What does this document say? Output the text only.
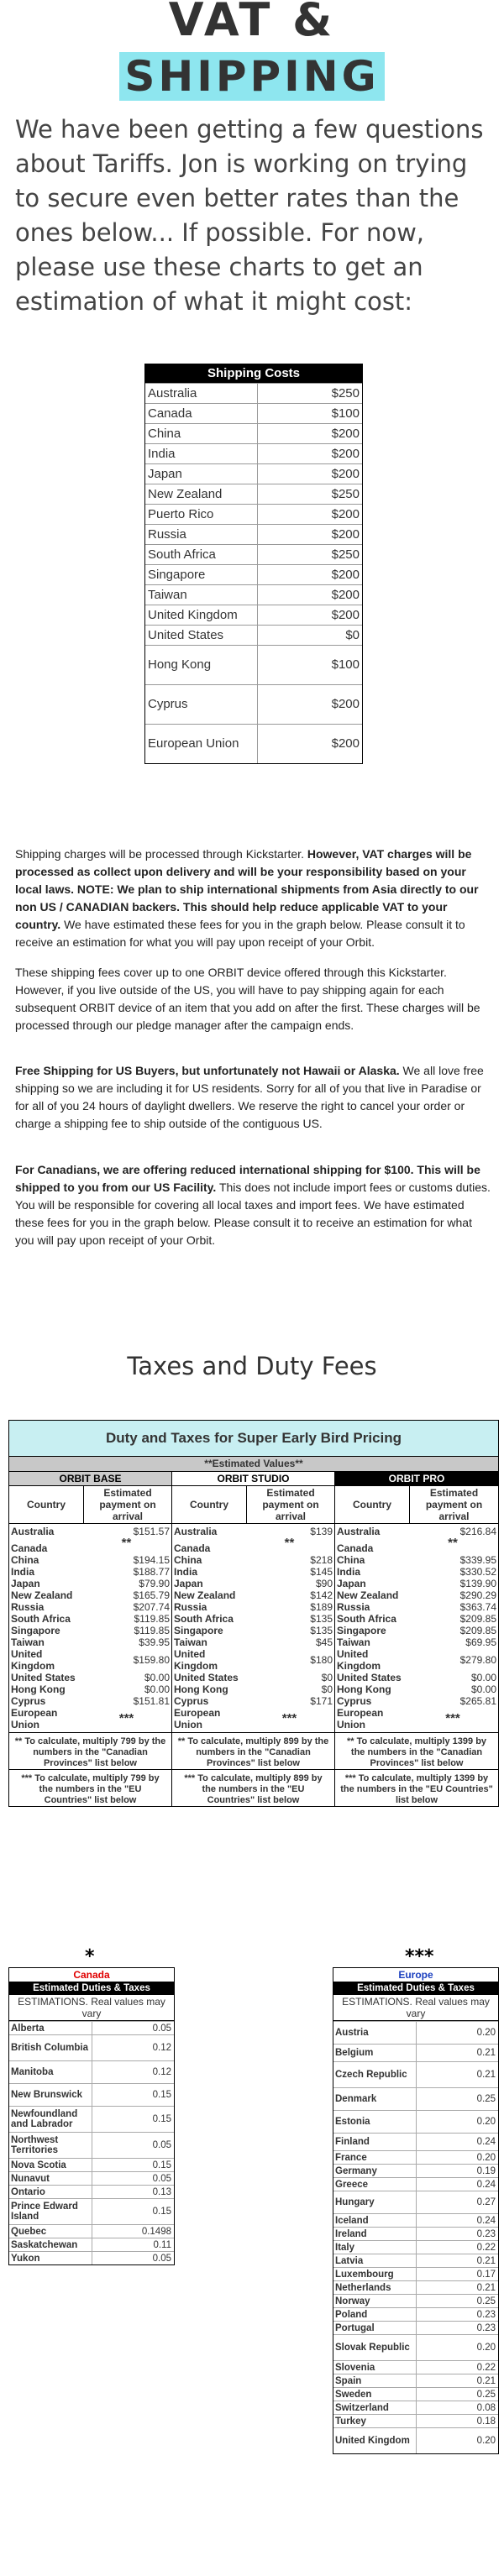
VAT &
SHIPPING

We have been getting a few questions about Tariffs. Jon is working on trying to secure even better rates than the ones below... If possible. For now, please use these charts to get an estimation of what it might cost:

Shipping Costs
Australia	$250
Canada	$100
China	$200
India	$200
Japan	$200
New Zealand	$250
Puerto Rico	$200
Russia	$200
South Africa	$250
Singapore	$200
Taiwan	$200
United Kingdom	$200
United States	$0
Hong Kong	$100
Cyprus	$200
European Union	$200

Shipping charges will be processed through Kickstarter. However, VAT charges will be processed as collect upon delivery and will be your responsibility based on your local laws. NOTE: We plan to ship international shipments from Asia directly to our non US / CANADIAN backers. This should help reduce applicable VAT to your country. We have estimated these fees for you in the graph below. Please consult it to receive an estimation for what you will pay upon receipt of your Orbit.

These shipping fees cover up to one ORBIT device offered through this Kickstarter. However, if you live outside of the US, you will have to pay shipping again for each subsequent ORBIT device of an item that you add on after the first. These charges will be processed through our pledge manager after the campaign ends.

Free Shipping for US Buyers, but unfortunately not Hawaii or Alaska. We all love free shipping so we are including it for US residents. Sorry for all of you that live in Paradise or for all of you 24 hours of daylight dwellers. We reserve the right to cancel your order or charge a shipping fee to ship outside of the contiguous US.

For Canadians, we are offering reduced international shipping for $100. This will be shipped to you from our US Facility. This does not include import fees or customs duties. You will be responsible for covering all local taxes and import fees. We have estimated these fees for you in the graph below. Please consult it to receive an estimation for what you will pay upon receipt of your Orbit.

Taxes and Duty Fees
Duty and Taxes for Super Early Bird Pricing
**Estimated Values**
ORBIT BASE
Country
Estimated payment on arrival
Australia	$151.57
Canada	**
China	$194.15
India	$188.77
Japan	$79.90
New Zealand	$165.79
Russia	$207.74
South Africa	$119.85
Singapore	$119.85
Taiwan	$39.95
United Kingdom	$159.80
United States	$0.00
Hong Kong	$0.00
Cyprus	$151.81
European Union	***
** To calculate, multiply 799 by the numbers in the "Canadian Provinces" list below
*** To calculate, multiply 799 by the numbers in the "EU Countries" list below
ORBIT STUDIO
Country
Estimated payment on arrival
Australia	$139
Canada	**
China	$218
India	$145
Japan	$90
New Zealand	$142
Russia	$189
South Africa	$135
Singapore	$135
Taiwan	$45
United Kingdom	$180
United States	$0
Hong Kong	$0
Cyprus	$171
European Union	***
** To calculate, multiply 899 by the numbers in the "Canadian Provinces" list below
*** To calculate, multiply 899 by the numbers in the "EU Countries" list below
ORBIT PRO
Country
Estimated payment on arrival
Australia	$216.84
Canada	**
China	$339.95
India	$330.52
Japan	$139.90
New Zealand	$290.29
Russia	$363.74
South Africa	$209.85
Singapore	$209.85
Taiwan	$69.95
United Kingdom	$279.80
United States	$0.00
Hong Kong	$0.00
Cyprus	$265.81
European Union	***
** To calculate, multiply 1399 by the numbers in the "Canadian Provinces" list below
*** To calculate, multiply 1399 by the numbers in the "EU Countries" list below
*
Canada
Estimated Duties & Taxes
ESTIMATIONS. Real values may vary
Alberta	0.05
British Columbia	0.12
Manitoba	0.12
New Brunswick	0.15
Newfoundland and Labrador	0.15
Northwest Territories	0.05
Nova Scotia	0.15
Nunavut	0.05
Ontario	0.13
Prince Edward Island	0.15
Quebec	0.1498
Saskatchewan	0.11
Yukon	0.05
***
Europe
Estimated Duties & Taxes
ESTIMATIONS. Real values may vary
Austria	0.20
Belgium	0.21
Czech Republic	0.21
Denmark	0.25
Estonia	0.20
Finland	0.24
France	0.20
Germany	0.19
Greece	0.24
Hungary	0.27
Iceland	0.24
Ireland	0.23
Italy	0.22
Latvia	0.21
Luxembourg	0.17
Netherlands	0.21
Norway	0.25
Poland	0.23
Portugal	0.23
Slovak Republic	0.20
Slovenia	0.22
Spain	0.21
Sweden	0.25
Switzerland	0.08
Turkey	0.18
United Kingdom	0.20
